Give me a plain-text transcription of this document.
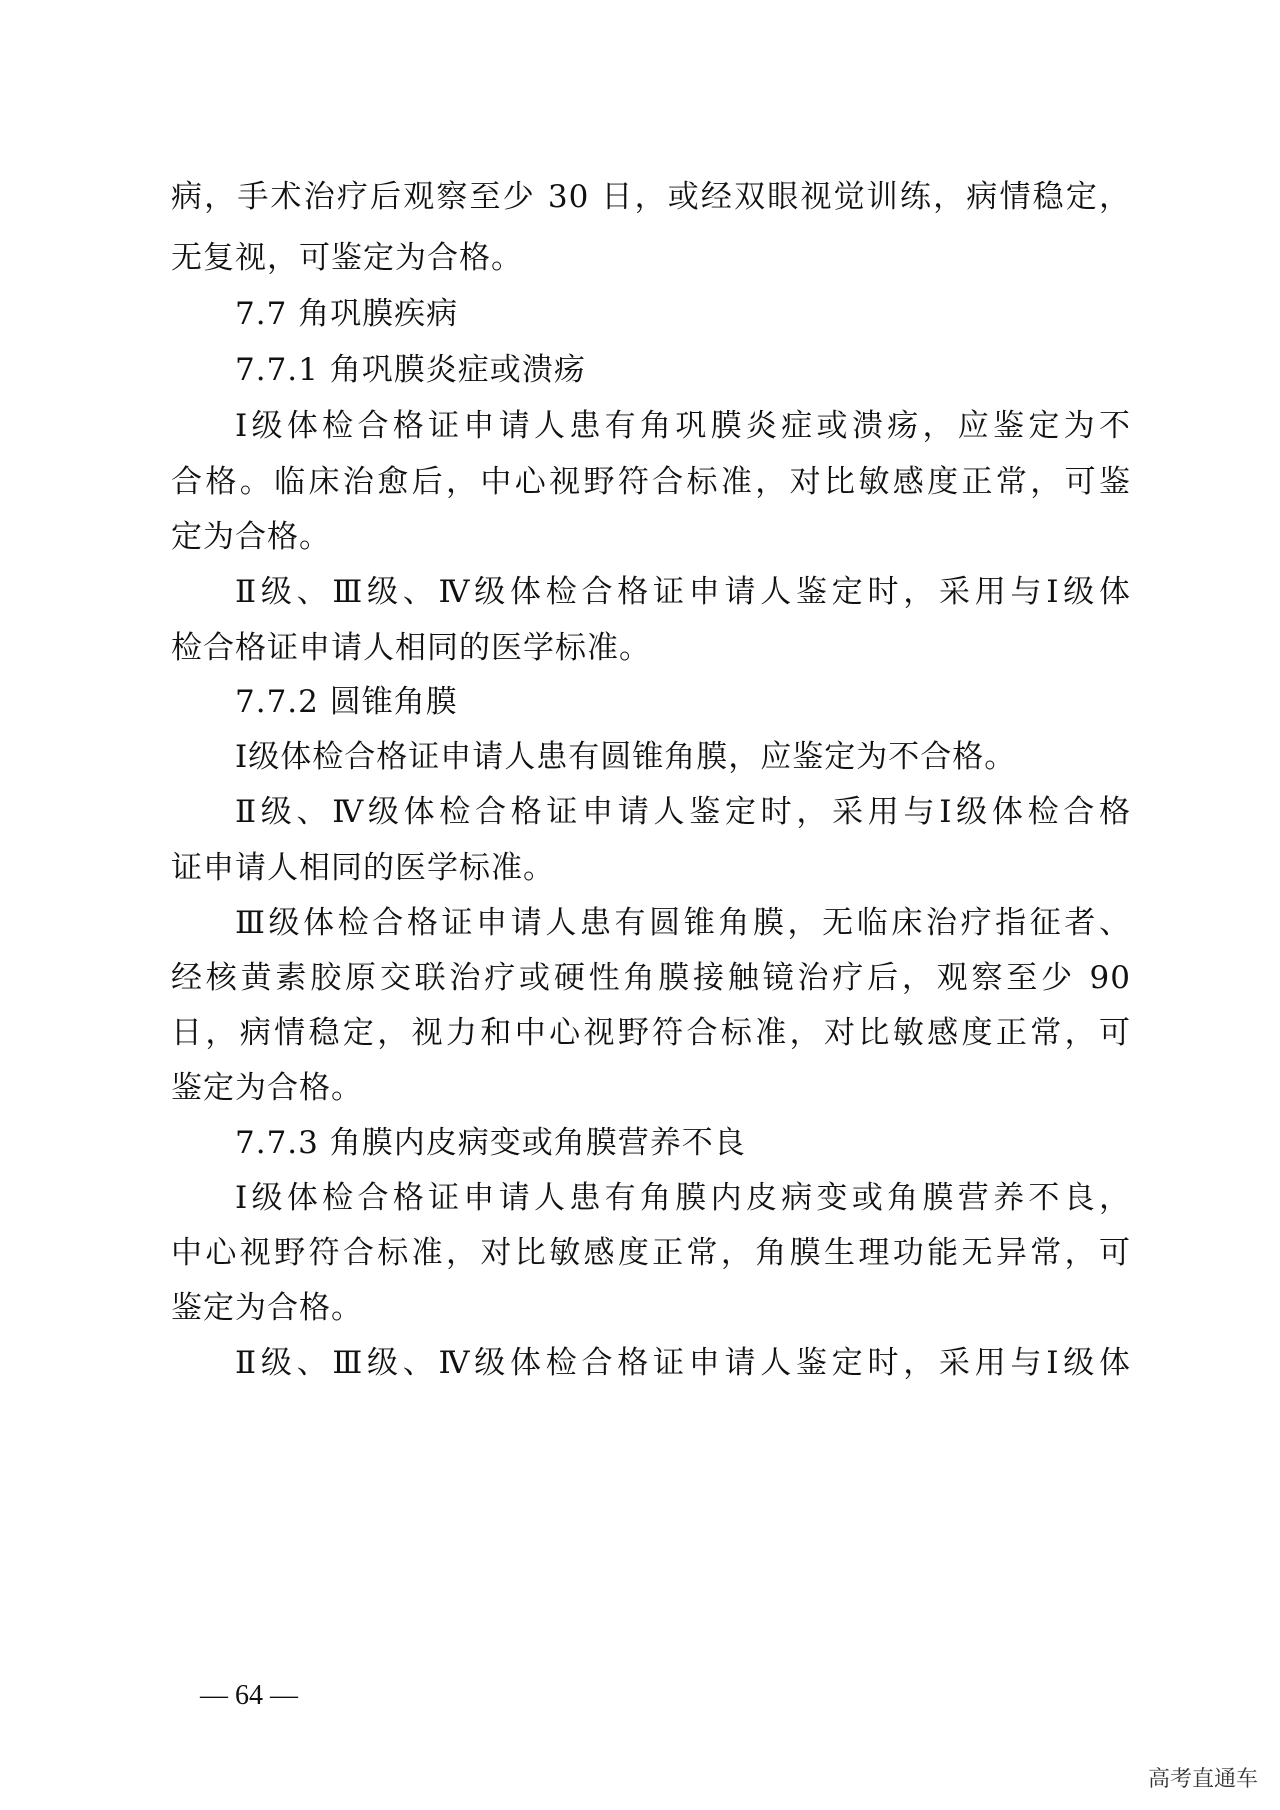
病，手术治疗后观察至少 30 日，或经双眼视觉训练，病情稳定，
无复视，可鉴定为合格。
7.7 角巩膜疾病
7.7.1 角巩膜炎症或溃疡
Ⅰ级体检合格证申请人患有角巩膜炎症或溃疡，应鉴定为不
合格。临床治愈后，中心视野符合标准，对比敏感度正常，可鉴
定为合格。
Ⅱ级、Ⅲ级、Ⅳ级体检合格证申请人鉴定时，采用与Ⅰ级体
检合格证申请人相同的医学标准。
7.7.2 圆锥角膜
Ⅰ级体检合格证申请人患有圆锥角膜，应鉴定为不合格。
Ⅱ级、Ⅳ级体检合格证申请人鉴定时，采用与Ⅰ级体检合格
证申请人相同的医学标准。
Ⅲ级体检合格证申请人患有圆锥角膜，无临床治疗指征者、
经核黄素胶原交联治疗或硬性角膜接触镜治疗后，观察至少 90
日，病情稳定，视力和中心视野符合标准，对比敏感度正常，可
鉴定为合格。
7.7.3 角膜内皮病变或角膜营养不良
Ⅰ级体检合格证申请人患有角膜内皮病变或角膜营养不良，
中心视野符合标准，对比敏感度正常，角膜生理功能无异常，可
鉴定为合格。
Ⅱ级、Ⅲ级、Ⅳ级体检合格证申请人鉴定时，采用与Ⅰ级体
— 64 —
高考直通车
